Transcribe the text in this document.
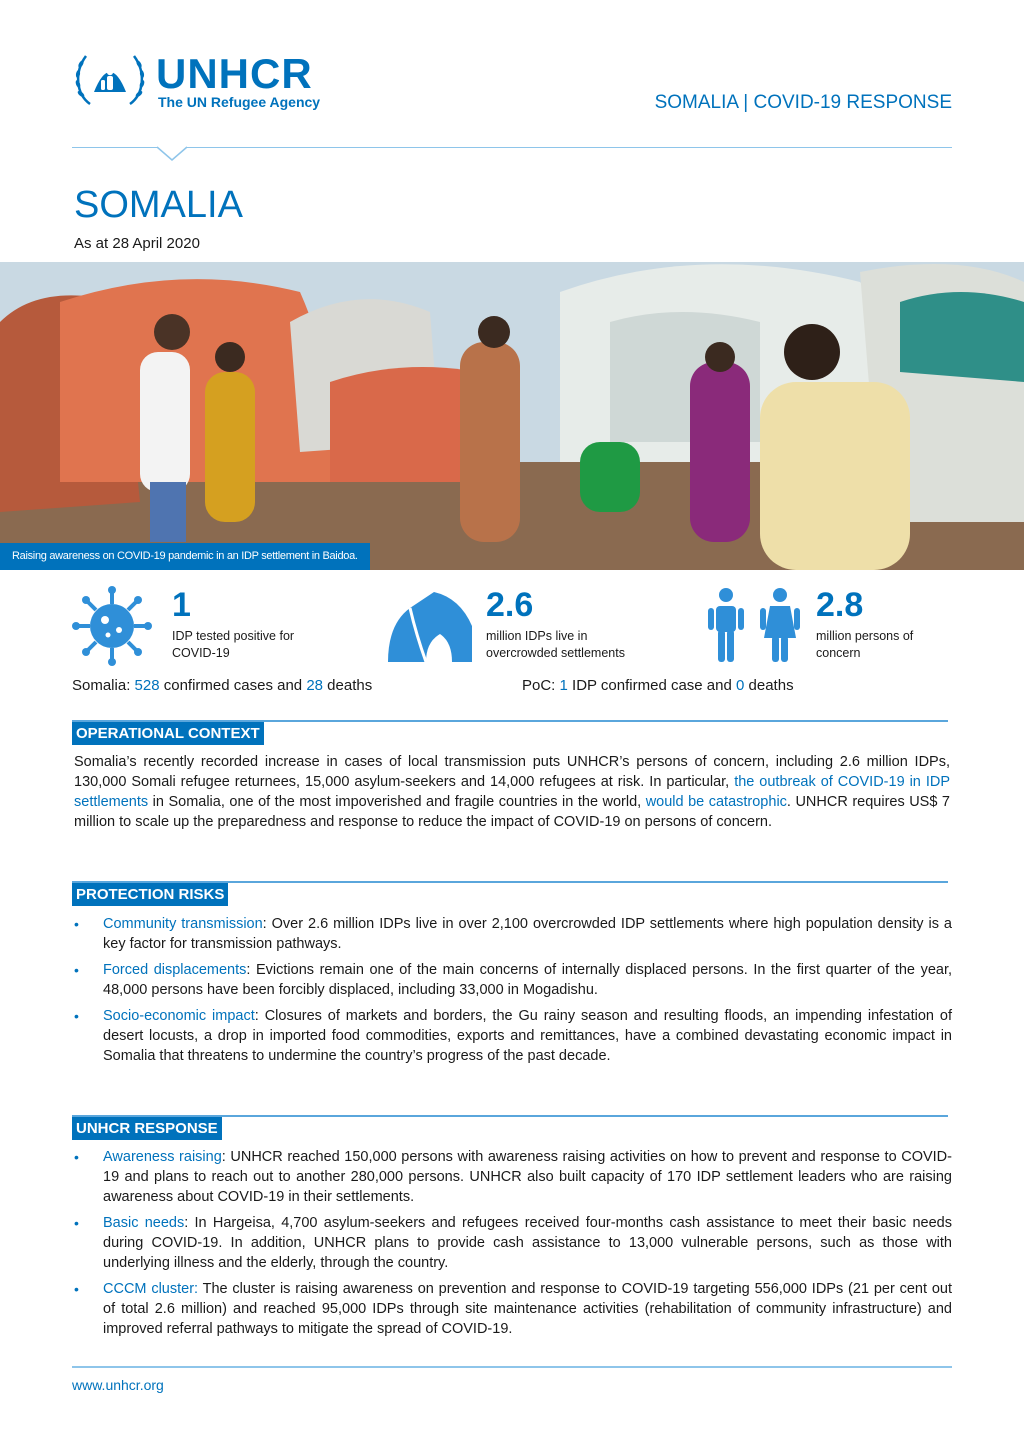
UNHCR
The UN Refugee Agency	SOMALIA | COVID-19 RESPONSE
SOMALIA
As at 28 April 2020
Raising awareness on COVID-19 pandemic in an IDP settlement in Baidoa.
1
IDP tested positive for
COVID-19
2.6
million IDPs live in
overcrowded settlements
2.8
million persons of
concern
Somalia: 528 confirmed cases and 28 deaths	PoC: 1 IDP confirmed case and 0 deaths
OPERATIONAL CONTEXT
Somalia’s recently recorded increase in cases of local transmission puts UNHCR’s persons of concern, including 2.6 million IDPs, 130,000 Somali refugee returnees, 15,000 asylum-seekers and 14,000 refugees at risk. In particular, the outbreak of COVID-19 in IDP settlements in Somalia, one of the most impoverished and fragile countries in the world, would be catastrophic. UNHCR requires US$ 7 million to scale up the preparedness and response to reduce the impact of COVID-19 on persons of concern.
PROTECTION RISKS
• Community transmission: Over 2.6 million IDPs live in over 2,100 overcrowded IDP settlements where high population density is a key factor for transmission pathways.
• Forced displacements: Evictions remain one of the main concerns of internally displaced persons. In the first quarter of the year, 48,000 persons have been forcibly displaced, including 33,000 in Mogadishu.
• Socio-economic impact: Closures of markets and borders, the Gu rainy season and resulting floods, an impending infestation of desert locusts, a drop in imported food commodities, exports and remittances, have a combined devastating economic impact in Somalia that threatens to undermine the country’s progress of the past decade.
UNHCR RESPONSE
• Awareness raising: UNHCR reached 150,000 persons with awareness raising activities on how to prevent and response to COVID-19 and plans to reach out to another 280,000 persons. UNHCR also built capacity of 170 IDP settlement leaders who are raising awareness about COVID-19 in their settlements.
• Basic needs: In Hargeisa, 4,700 asylum-seekers and refugees received four-months cash assistance to meet their basic needs during COVID-19. In addition, UNHCR plans to provide cash assistance to 13,000 vulnerable persons, such as those with underlying illness and the elderly, through the country.
• CCCM cluster: The cluster is raising awareness on prevention and response to COVID-19 targeting 556,000 IDPs (21 per cent out of total 2.6 million) and reached 95,000 IDPs through site maintenance activities (rehabilitation of community infrastructure) and improved referral pathways to mitigate the spread of COVID-19.
www.unhcr.org
